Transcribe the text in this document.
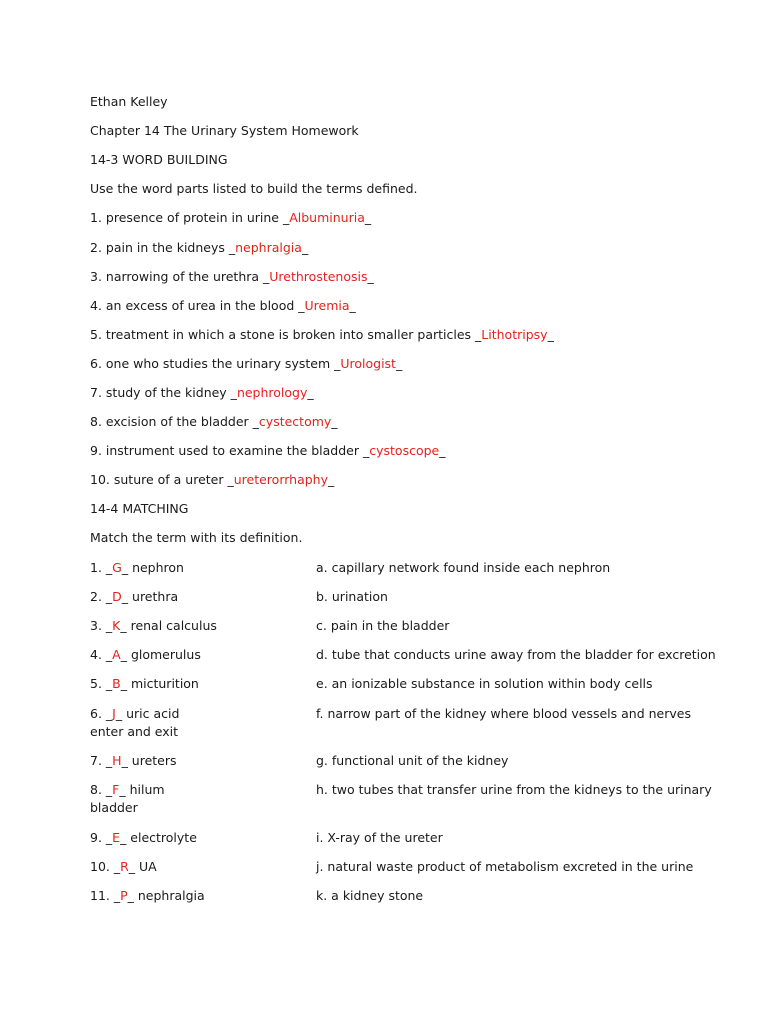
Ethan Kelley
Chapter 14 The Urinary System Homework
14-3 WORD BUILDING
Use the word parts listed to build the terms defined.
1. presence of protein in urine _Albuminuria_
2. pain in the kidneys _nephralgia_
3. narrowing of the urethra _Urethrostenosis_
4. an excess of urea in the blood _Uremia_
5. treatment in which a stone is broken into smaller particles _Lithotripsy_
6. one who studies the urinary system _Urologist_
7. study of the kidney _nephrology_
8. excision of the bladder _cystectomy_
9. instrument used to examine the bladder _cystoscope_
10. suture of a ureter _ureterorrhaphy_
14-4 MATCHING
Match the term with its definition.
1. _G_ nephron	a. capillary network found inside each nephron
2. _D_ urethra	b. urination
3. _K_ renal calculus	c. pain in the bladder
4. _A_ glomerulus	d. tube that conducts urine away from the bladder for excretion
5. _B_ micturition	e. an ionizable substance in solution within body cells
6. _J_ uric acid	f. narrow part of the kidney where blood vessels and nerves
enter and exit
7. _H_ ureters	g. functional unit of the kidney
8. _F_ hilum	h. two tubes that transfer urine from the kidneys to the urinary
bladder
9. _E_ electrolyte	i. X-ray of the ureter
10. _R_ UA	j. natural waste product of metabolism excreted in the urine
11. _P_ nephralgia	k. a kidney stone
